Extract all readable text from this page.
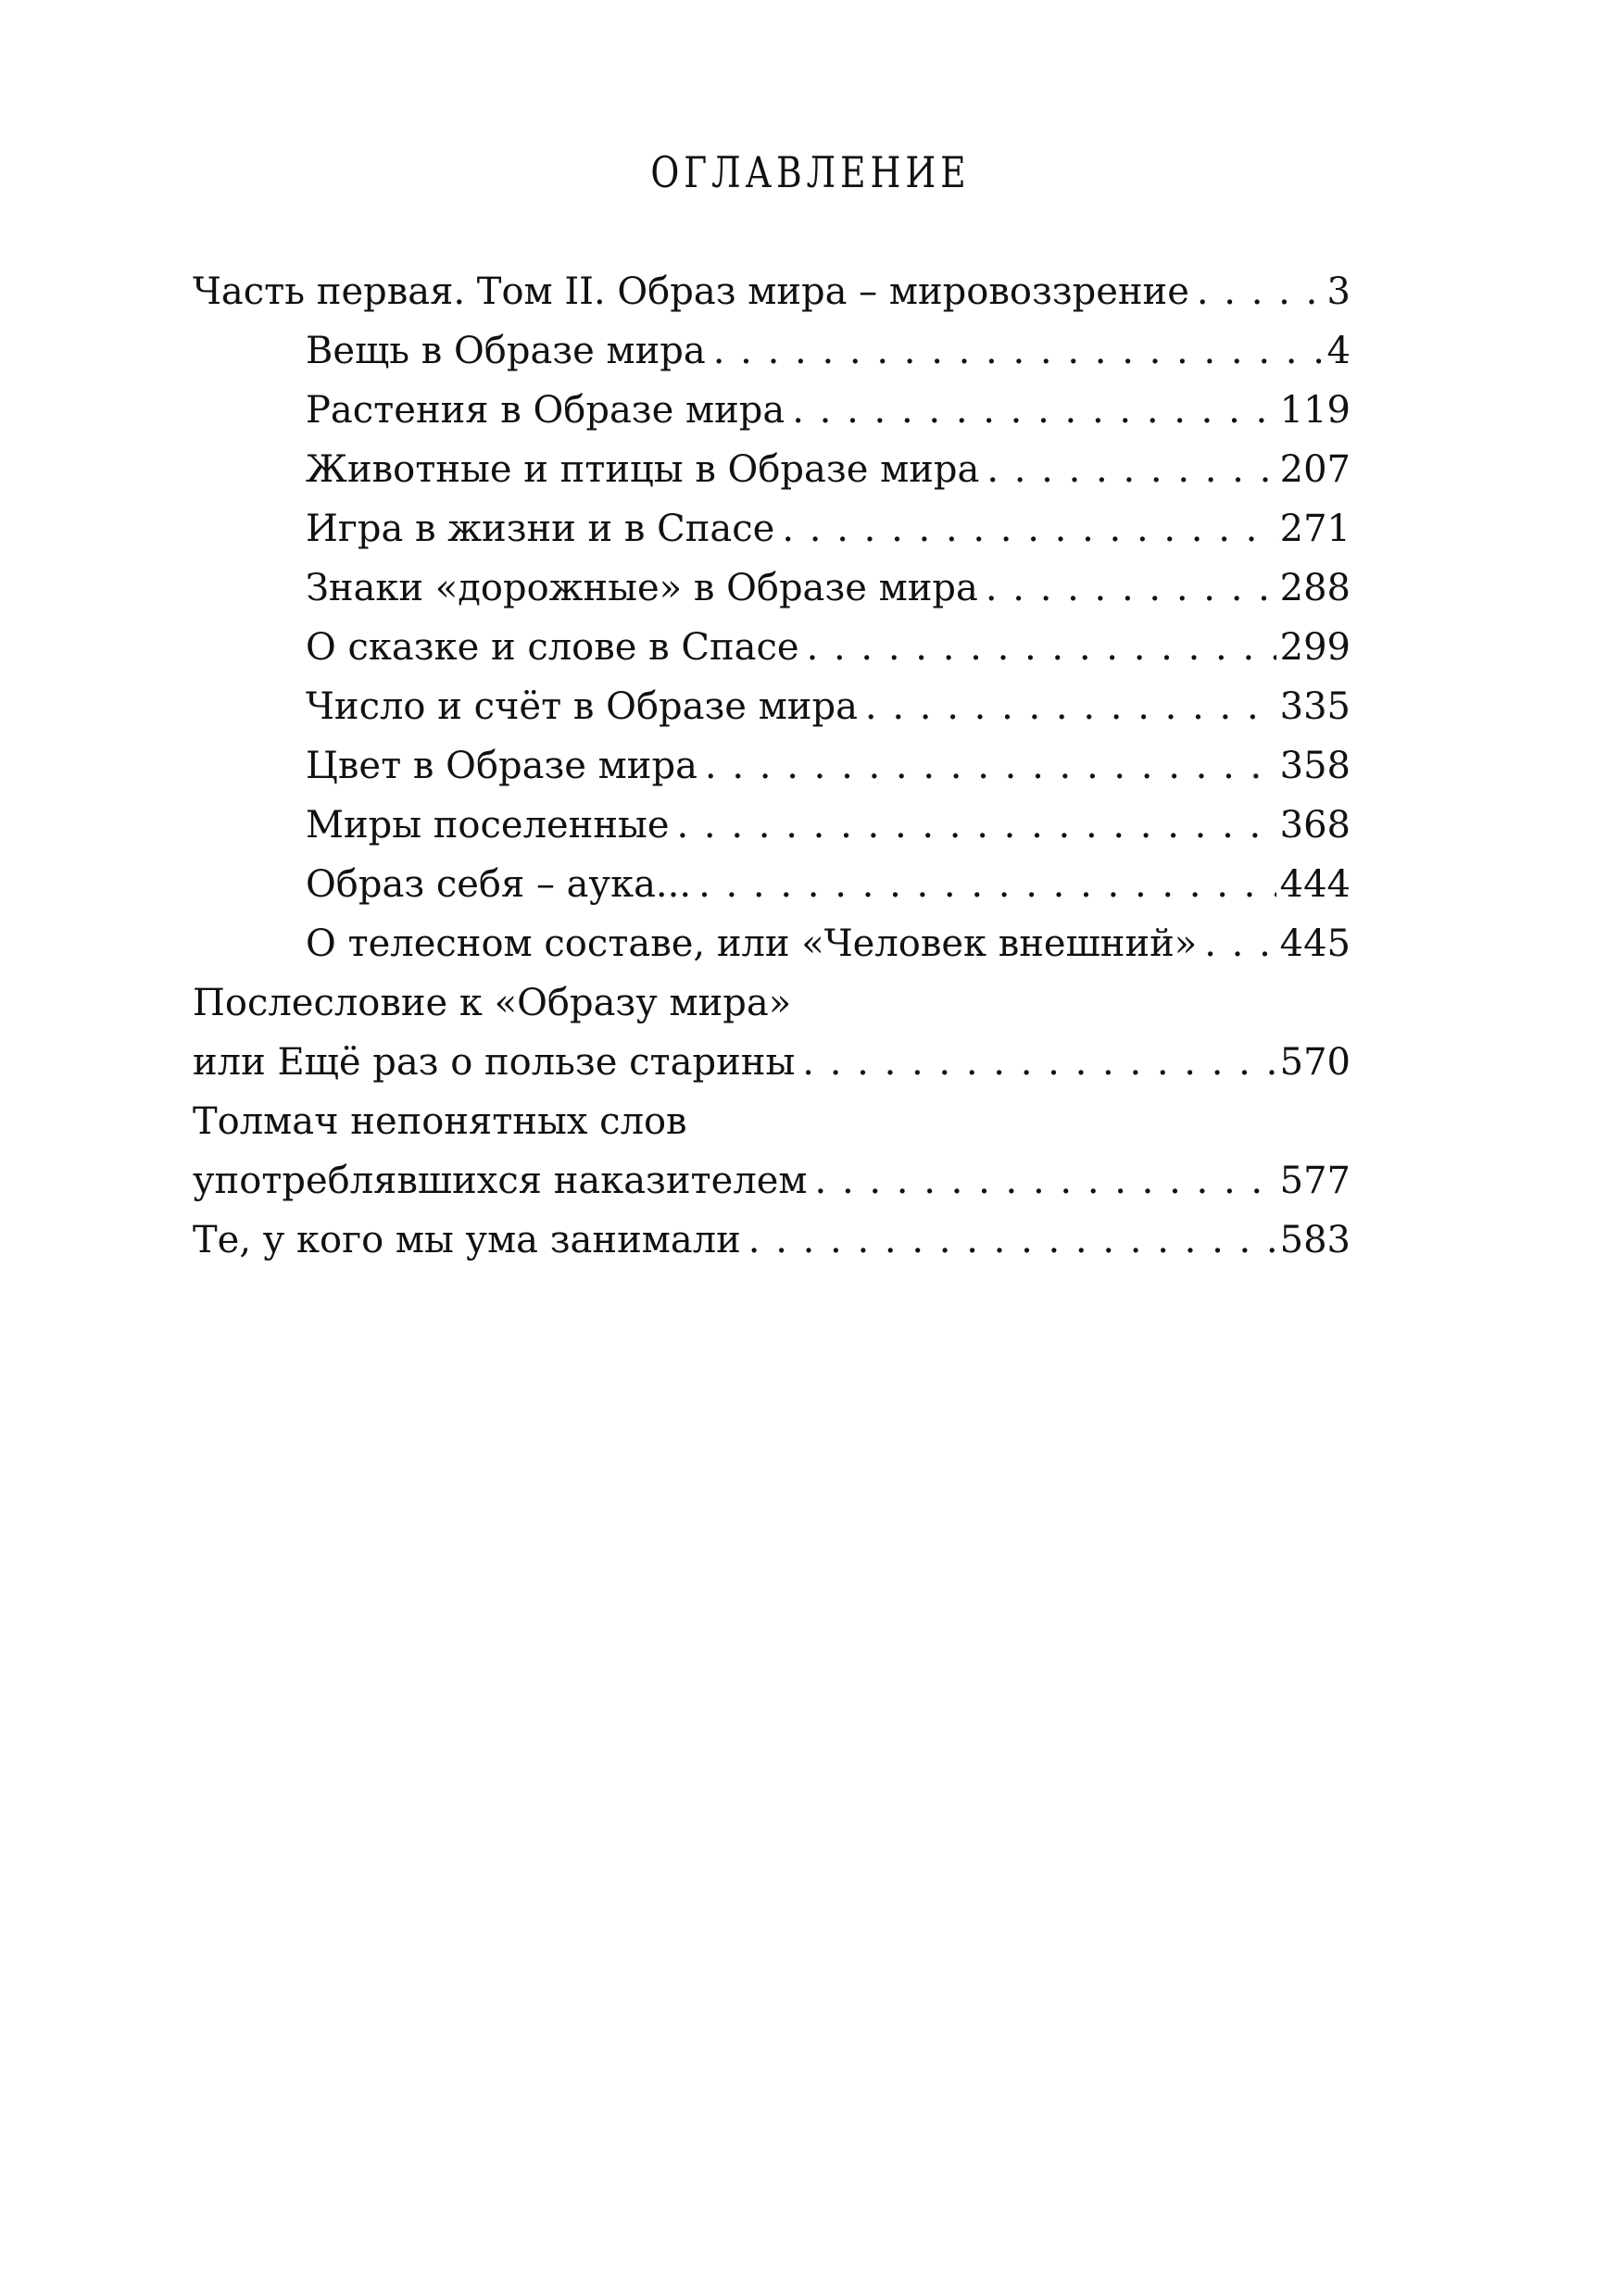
ОГЛАВЛЕНИЕ
Часть первая. Том II. Образ мира – мировоззрение . . .	3
Вещь в Образе мира . . .	4
Растения в Образе мира . . .	119
Животные и птицы в Образе мира . . .	207
Игра в жизни и в Спасе . . .	271
Знаки «дорожные» в Образе мира . . .	288
О сказке и слове в Спасе . . .	299
Число и счёт в Образе мира . . .	335
Цвет в Образе мира . . .	358
Миры поселенные . . .	368
Образ себя – аука... . . .	444
О телесном составе, или «Человек внешний» . . . 445
Послесловие к «Образу мира»
или Ещё раз о пользе старины . . .	570
Толмач непонятных слов
употреблявшихся наказителем . . .	577
Те, у кого мы ума занимали . . .	583
